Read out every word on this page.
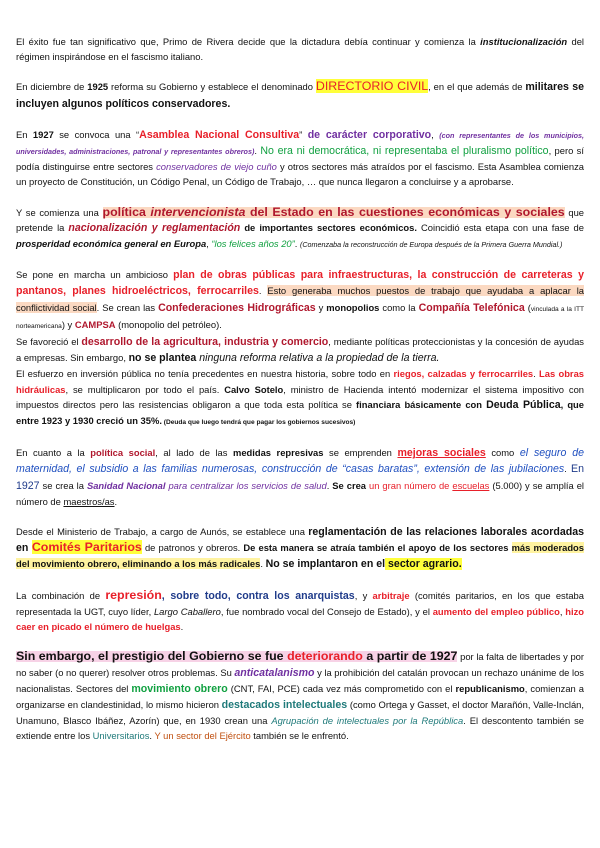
El éxito fue tan significativo que, Primo de Rivera decide que la dictadura debía continuar y comienza la institucionalización del régimen inspirándose en el fascismo italiano.

En diciembre de 1925 reforma su Gobierno y establece el denominado DIRECTORIO CIVIL, en el que además de militares se incluyen algunos políticos conservadores.

En 1927 se convoca una “Asamblea Nacional Consultiva” de carácter corporativo, (con representantes de los municipios, universidades, administraciones, patronal y representantes obreros). No era ni democrática, ni representaba el pluralismo político, pero sí podía distinguirse entre sectores conservadores de viejo cuño y otros sectores más atraídos por el fascismo. Esta Asamblea comienza un proyecto de Constitución, un Código Penal, un Código de Trabajo, … que nunca llegaron a concluirse y a aprobarse.

Y se comienza una política intervencionista del Estado en las cuestiones económicas y sociales que pretende la nacionalización y reglamentación de importantes sectores económicos. Coincidió esta etapa con una fase de prosperidad económica general en Europa, “los felices años 20”. (Comenzaba la reconstrucción de Europa después de la Primera Guerra Mundial.)

Se pone en marcha un ambicioso plan de obras públicas para infraestructuras, la construcción de carreteras y pantanos, planes hidroeléctricos, ferrocarriles. Esto generaba muchos puestos de trabajo que ayudaba a aplacar la conflictividad social. Se crean las Confederaciones Hidrográficas y monopolios como la Compañía Telefónica (vinculada a la ITT norteamericana) y CAMPSA (monopolio del petróleo).
Se favoreció el desarrollo de la agricultura, industria y comercio, mediante políticas proteccionistas y la concesión de ayudas a empresas. Sin embargo, no se plantea ninguna reforma relativa a la propiedad de la tierra.
El esfuerzo en inversión pública no tenía precedentes en nuestra historia, sobre todo en riegos, calzadas y ferrocarriles. Las obras hidráulicas, se multiplicaron por todo el país. Calvo Sotelo, ministro de Hacienda intentó modernizar el sistema impositivo con impuestos directos pero las resistencias obligaron a que toda esta política se financiara básicamente con Deuda Pública, que entre 1923 y 1930 creció un 35%. (Deuda que luego tendrá que pagar los gobiernos sucesivos)

En cuanto a la política social, al lado de las medidas represivas se emprenden mejoras sociales como el seguro de maternidad, el subsidio a las familias numerosas, construcción de “casas baratas”, extensión de las jubilaciones. En 1927 se crea la Sanidad Nacional para centralizar los servicios de salud. Se crea un gran número de escuelas (5.000) y se amplía el número de maestros/as.

Desde el Ministerio de Trabajo, a cargo de Aunós, se establece una reglamentación de las relaciones laborales acordadas en Comités Paritarios de patronos y obreros. De esta manera se atraía también el apoyo de los sectores más moderados del movimiento obrero, eliminando a los más radicales. No se implantaron en el sector agrario.

La combinación de represión, sobre todo, contra los anarquistas, y arbitraje (comités paritarios, en los que estaba representada la UGT, cuyo líder, Largo Caballero, fue nombrado vocal del Consejo de Estado), y el aumento del empleo público, hizo caer en picado el número de huelgas.

Sin embargo, el prestigio del Gobierno se fue deteriorando a partir de 1927 por la falta de libertades y por no saber (o no querer) resolver otros problemas. Su anticatalanismo y la prohibición del catalán provocan un rechazo unánime de los nacionalistas. Sectores del movimiento obrero (CNT, FAI, PCE) cada vez más comprometido con el republicanismo, comienzan a organizarse en clandestinidad, lo mismo hicieron destacados intelectuales (como Ortega y Gasset, el doctor Marañón, Valle-Inclán, Unamuno, Blasco Ibáñez, Azorín) que, en 1930 crean una Agrupación de intelectuales por la República. El descontento también se extiende entre los Universitarios. Y un sector del Ejército también se le enfrentó.
